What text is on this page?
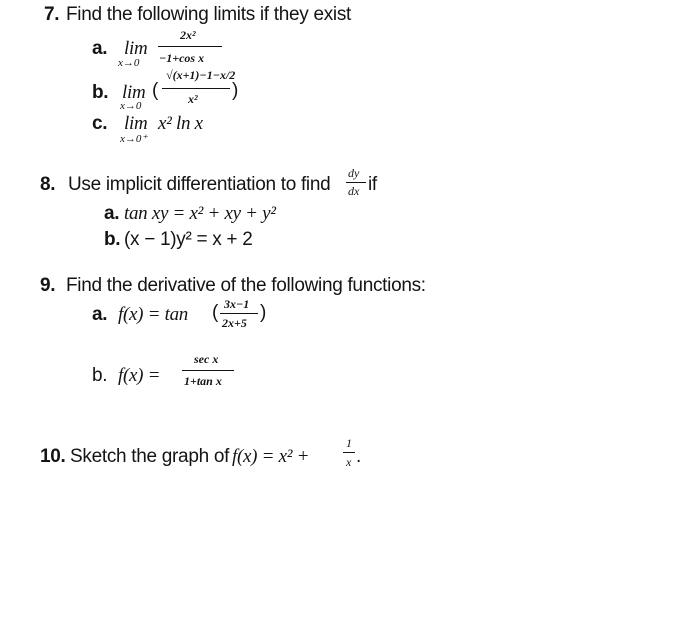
7. Find the following limits if they exist
a. lim
x→0
2x²
−1+cos x
b. lim (
x→0
√(x+1)−1−x/2
x² )
c. lim
x→0⁺
x² ln x
8. Use implicit differentiation to find
dy
dx if
a. tan xy = x² + xy + y²
b. (x − 1)y² = x + 2
9. Find the derivative of the following functions:
a. f(x) = tan ( 3x−1
2x+5 )
b. f(x) =
sec x
1+tan x
10. Sketch the graph of f(x) = x² +
1
x .
